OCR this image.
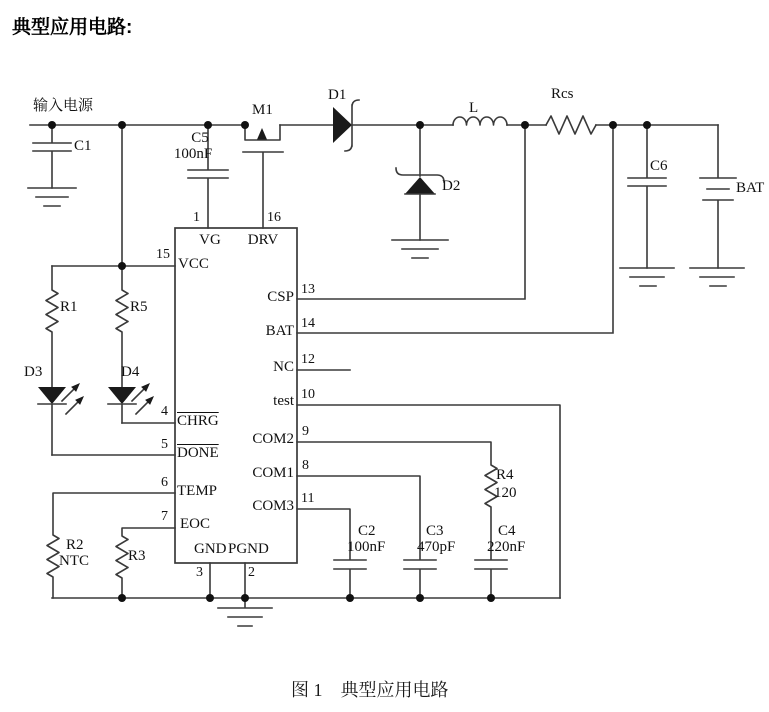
典型应用电路:
输入电源
C1	C5
100nF
M1
D1
D2
L
Rcs
C6
BAT
R1	R5
D3	D4
R2
NTC	R3
R4
120
C2
100nF
C3
470pF
C4
220nF
1	16
15
13
14
12
10
9
8
11
4
5
6
7
3	2
VG DRV
VCC
CSP
BAT
NC
test
COM2
COM1
COM3
CHRG
DONE
TEMP
EOC
GND PGND
图 1　典型应用电路
